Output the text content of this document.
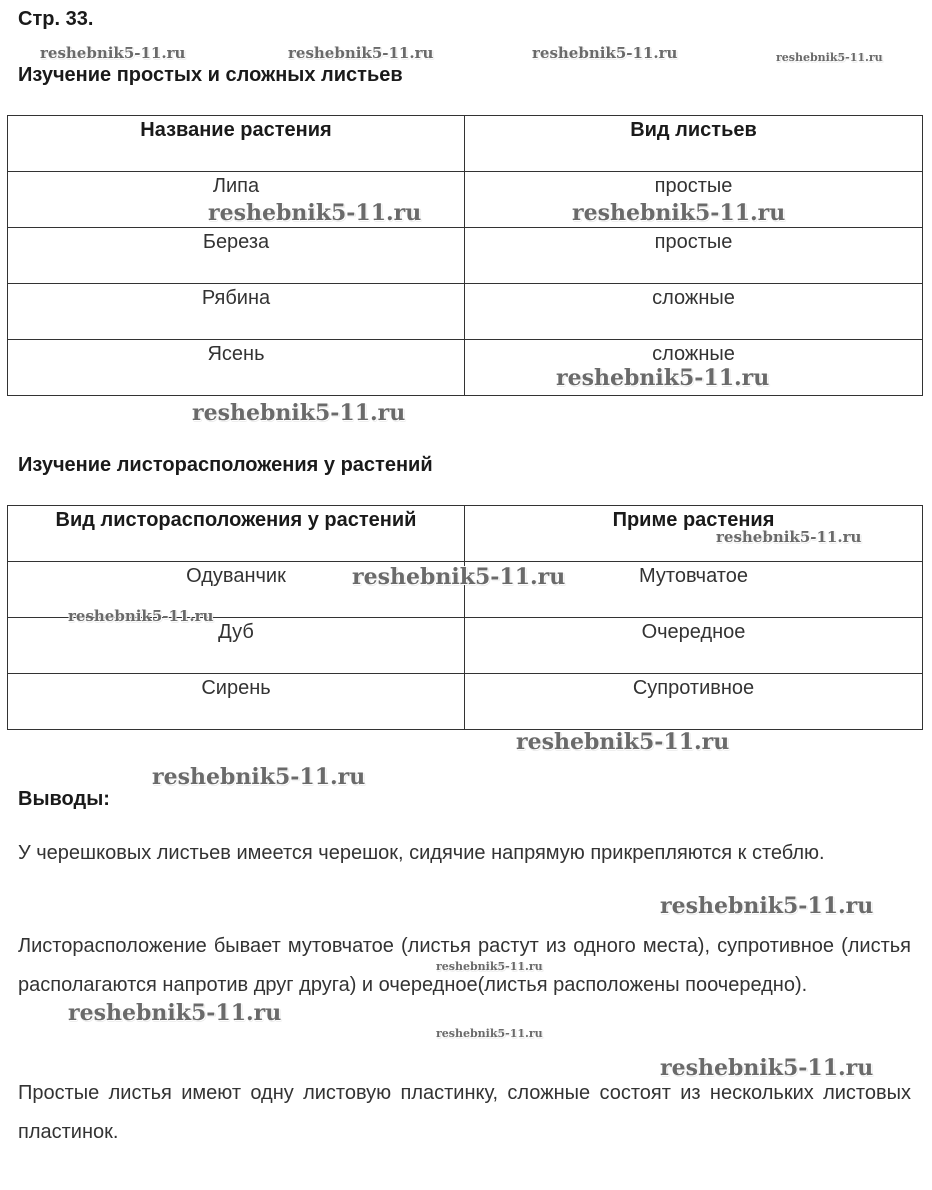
Стр. 33.
Изучение простых и сложных листьев
Название растения	Вид листьев
Липа	простые
Береза	простые
Рябина	сложные
Ясень	сложные
Изучение листорасположения у растений
Вид листорасположения у растений	Приме растения
Одуванчик	Мутовчатое
Дуб	Очередное
Сирень	Супротивное
Выводы:

У черешковых листьев имеется черешок, сидячие напрямую прикрепляются к стеблю.

Листорасположение бывает мутовчатое (листья растут из одного места), супротивное (листья располагаются напротив друг друга) и очередное(листья расположены поочередно).

Простые листья имеют одну листовую пластинку, сложные состоят из нескольких листовых пластинок.

reshebnik5-11.ru	reshebnik5-11.ru	reshebnik5-11.ru	reshebnik5-11.ru
reshebnik5-11.ru	reshebnik5-11.ru
reshebnik5-11.ru
reshebnik5-11.ru
reshebnik5-11.ru
reshebnik5-11.ru
reshebnik5-11.ru
reshebnik5-11.ru
reshebnik5-11.ru
reshebnik5-11.ru
reshebnik5-11.ru
reshebnik5-11.ru
reshebnik5-11.ru
reshebnik5-11.ru
